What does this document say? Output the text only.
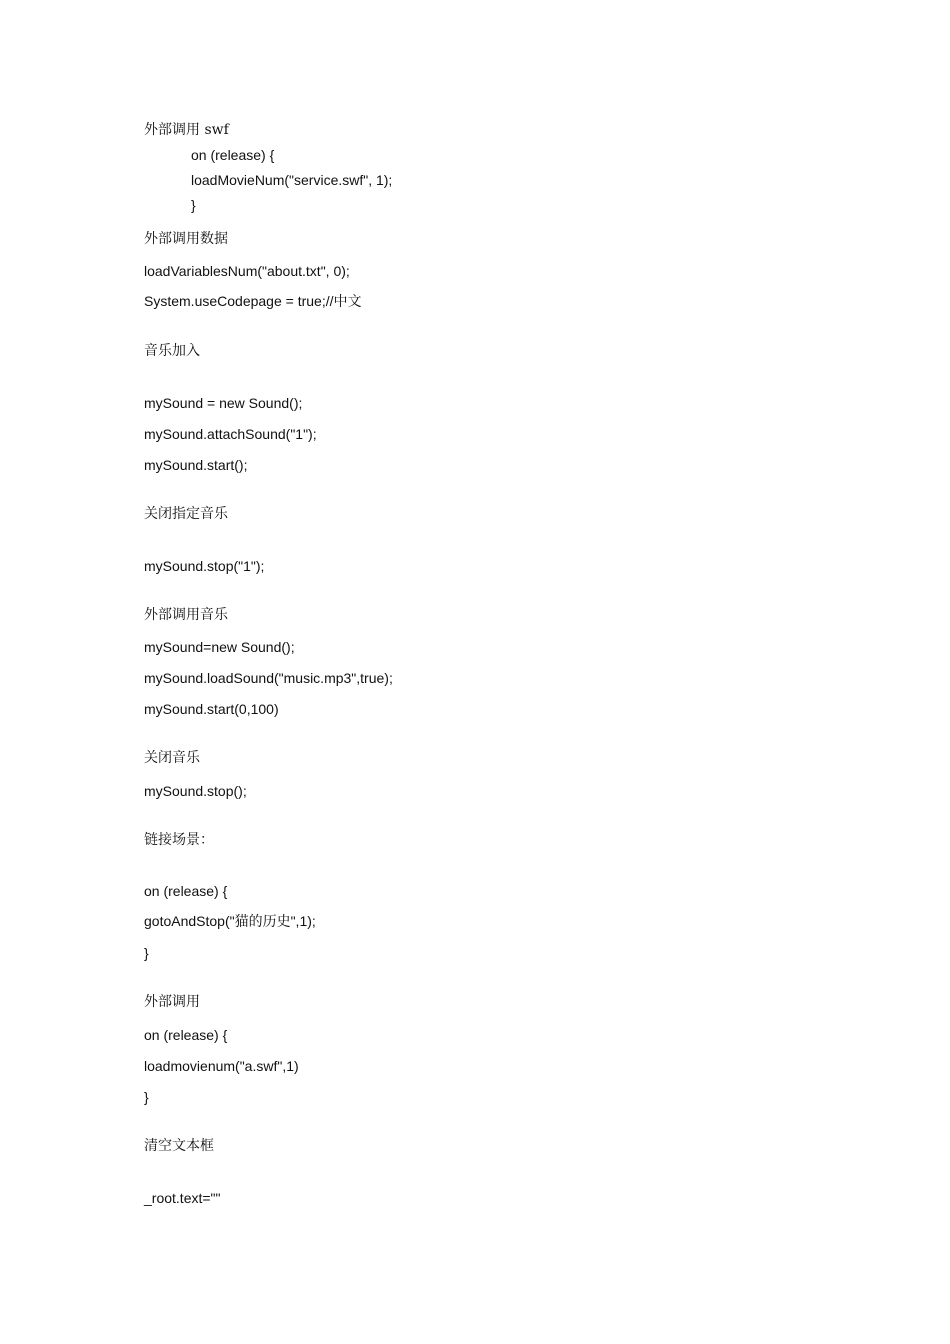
外部调用 swf
on (release) {
loadMovieNum("service.swf", 1);
}
外部调用数据
loadVariablesNum("about.txt", 0);
System.useCodepage = true;//中文
音乐加入
mySound = new Sound();
mySound.attachSound("1");
mySound.start();
关闭指定音乐
mySound.stop("1");
外部调用音乐
mySound=new Sound();
mySound.loadSound("music.mp3",true);
mySound.start(0,100)
关闭音乐
mySound.stop();
链接场景：
on (release) {
gotoAndStop("猫的历史",1);
}
外部调用
on (release) {
loadmovienum("a.swf",1)
}
清空文本框
_root.text=""
